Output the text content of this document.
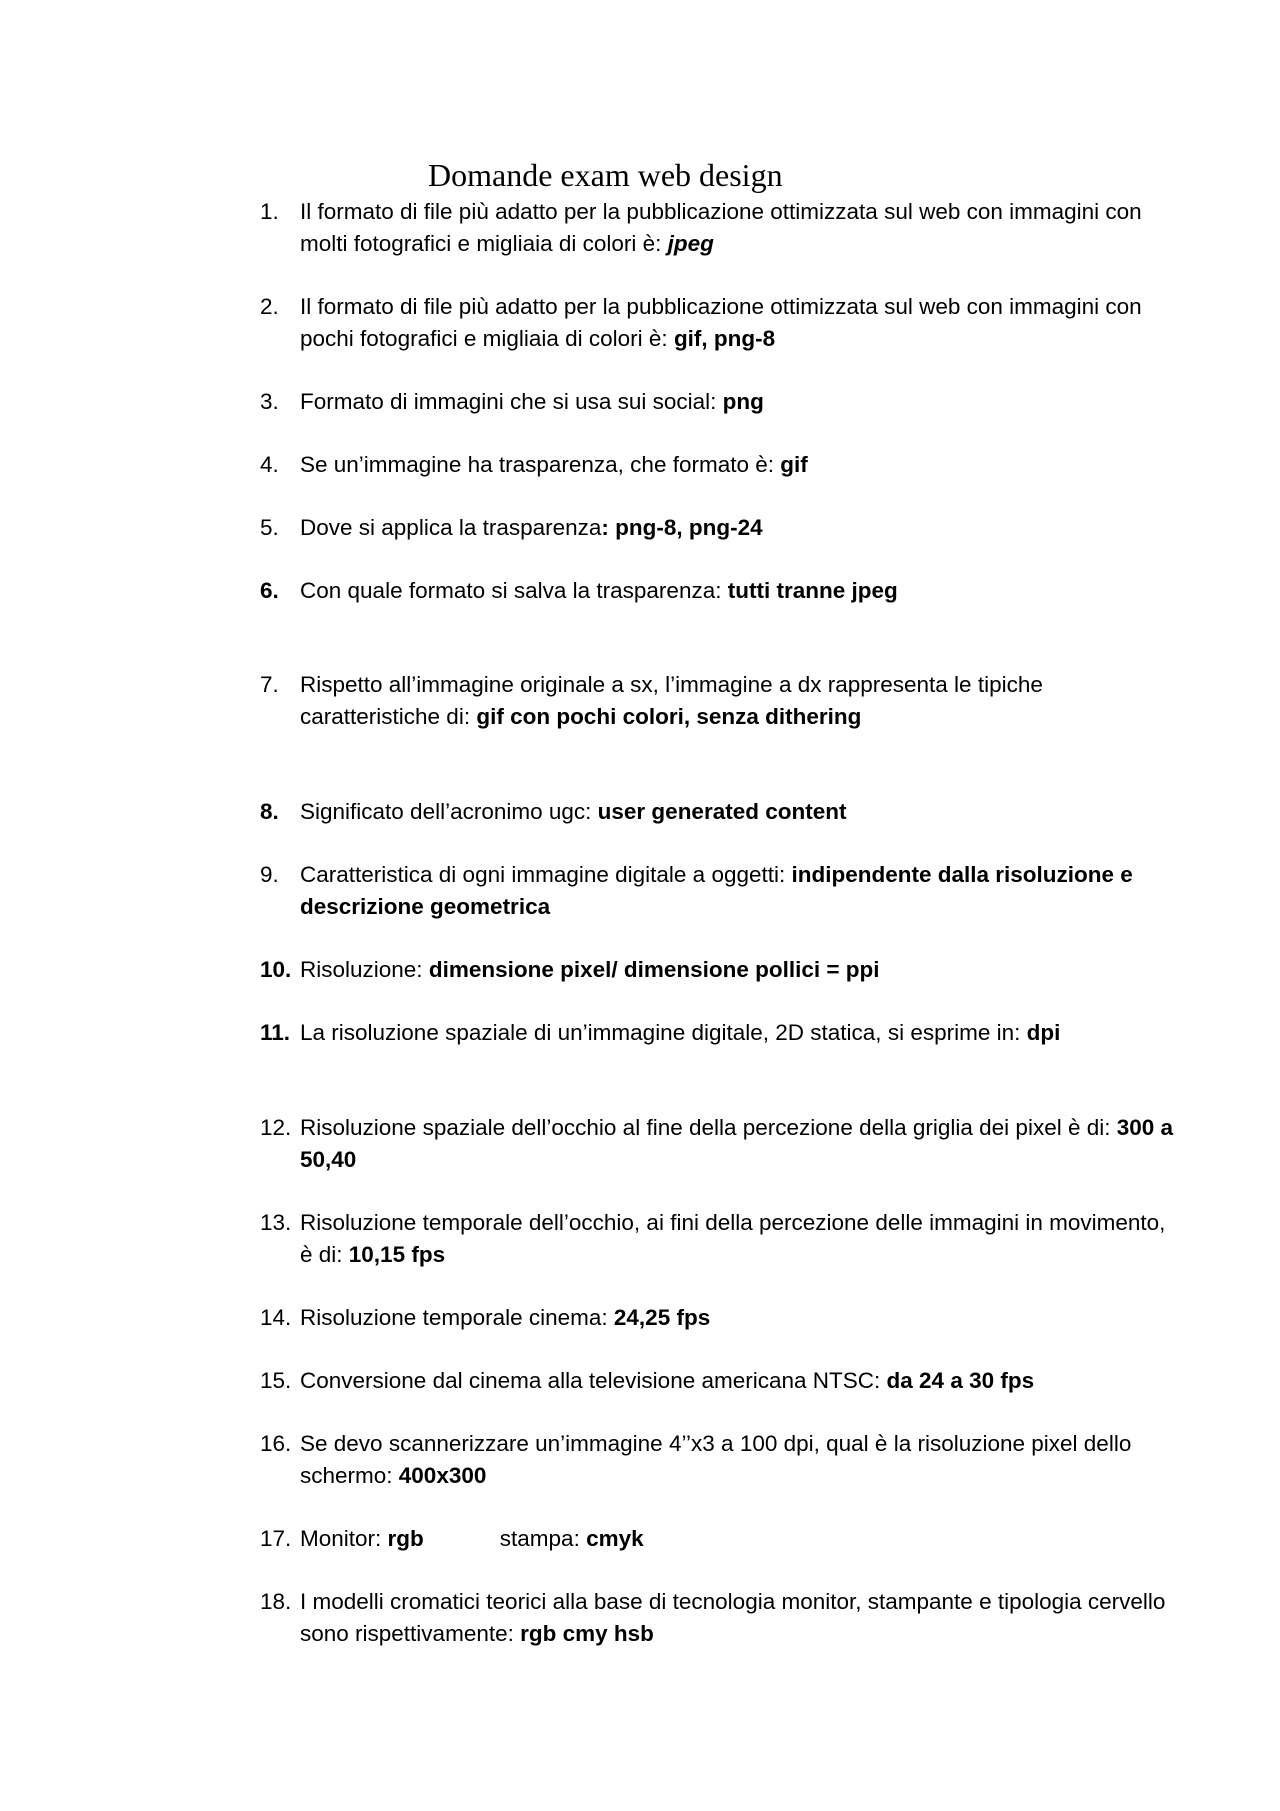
Domande exam web design
1. Il formato di file più adatto per la pubblicazione ottimizzata sul web con immagini con molti fotografici e migliaia di colori è: jpeg
2. Il formato di file più adatto per la pubblicazione ottimizzata sul web con immagini con pochi fotografici e migliaia di colori è: gif, png-8
3. Formato di immagini che si usa sui social: png
4. Se un’immagine ha trasparenza, che formato è: gif
5. Dove si applica la trasparenza: png-8, png-24
6. Con quale formato si salva la trasparenza: tutti tranne jpeg
7. Rispetto all’immagine originale a sx, l’immagine a dx rappresenta le tipiche caratteristiche di: gif con pochi colori, senza dithering
8. Significato dell’acronimo ugc: user generated content
9. Caratteristica di ogni immagine digitale a oggetti: indipendente dalla risoluzione e descrizione geometrica
10. Risoluzione: dimensione pixel/ dimensione pollici = ppi
11. La risoluzione spaziale di un’immagine digitale, 2D statica, si esprime in: dpi
12. Risoluzione spaziale dell’occhio al fine della percezione della griglia dei pixel è di: 300 a 50,40
13. Risoluzione temporale dell’occhio, ai fini della percezione delle immagini in movimento, è di: 10,15 fps
14. Risoluzione temporale cinema: 24,25 fps
15. Conversione dal cinema alla televisione americana NTSC: da 24 a 30 fps
16. Se devo scannerizzare un’immagine 4’’x3 a 100 dpi, qual è la risoluzione pixel dello schermo: 400x300
17. Monitor: rgb	stampa: cmyk
18. I modelli cromatici teorici alla base di tecnologia monitor, stampante e tipologia cervello sono rispettivamente: rgb cmy hsb
